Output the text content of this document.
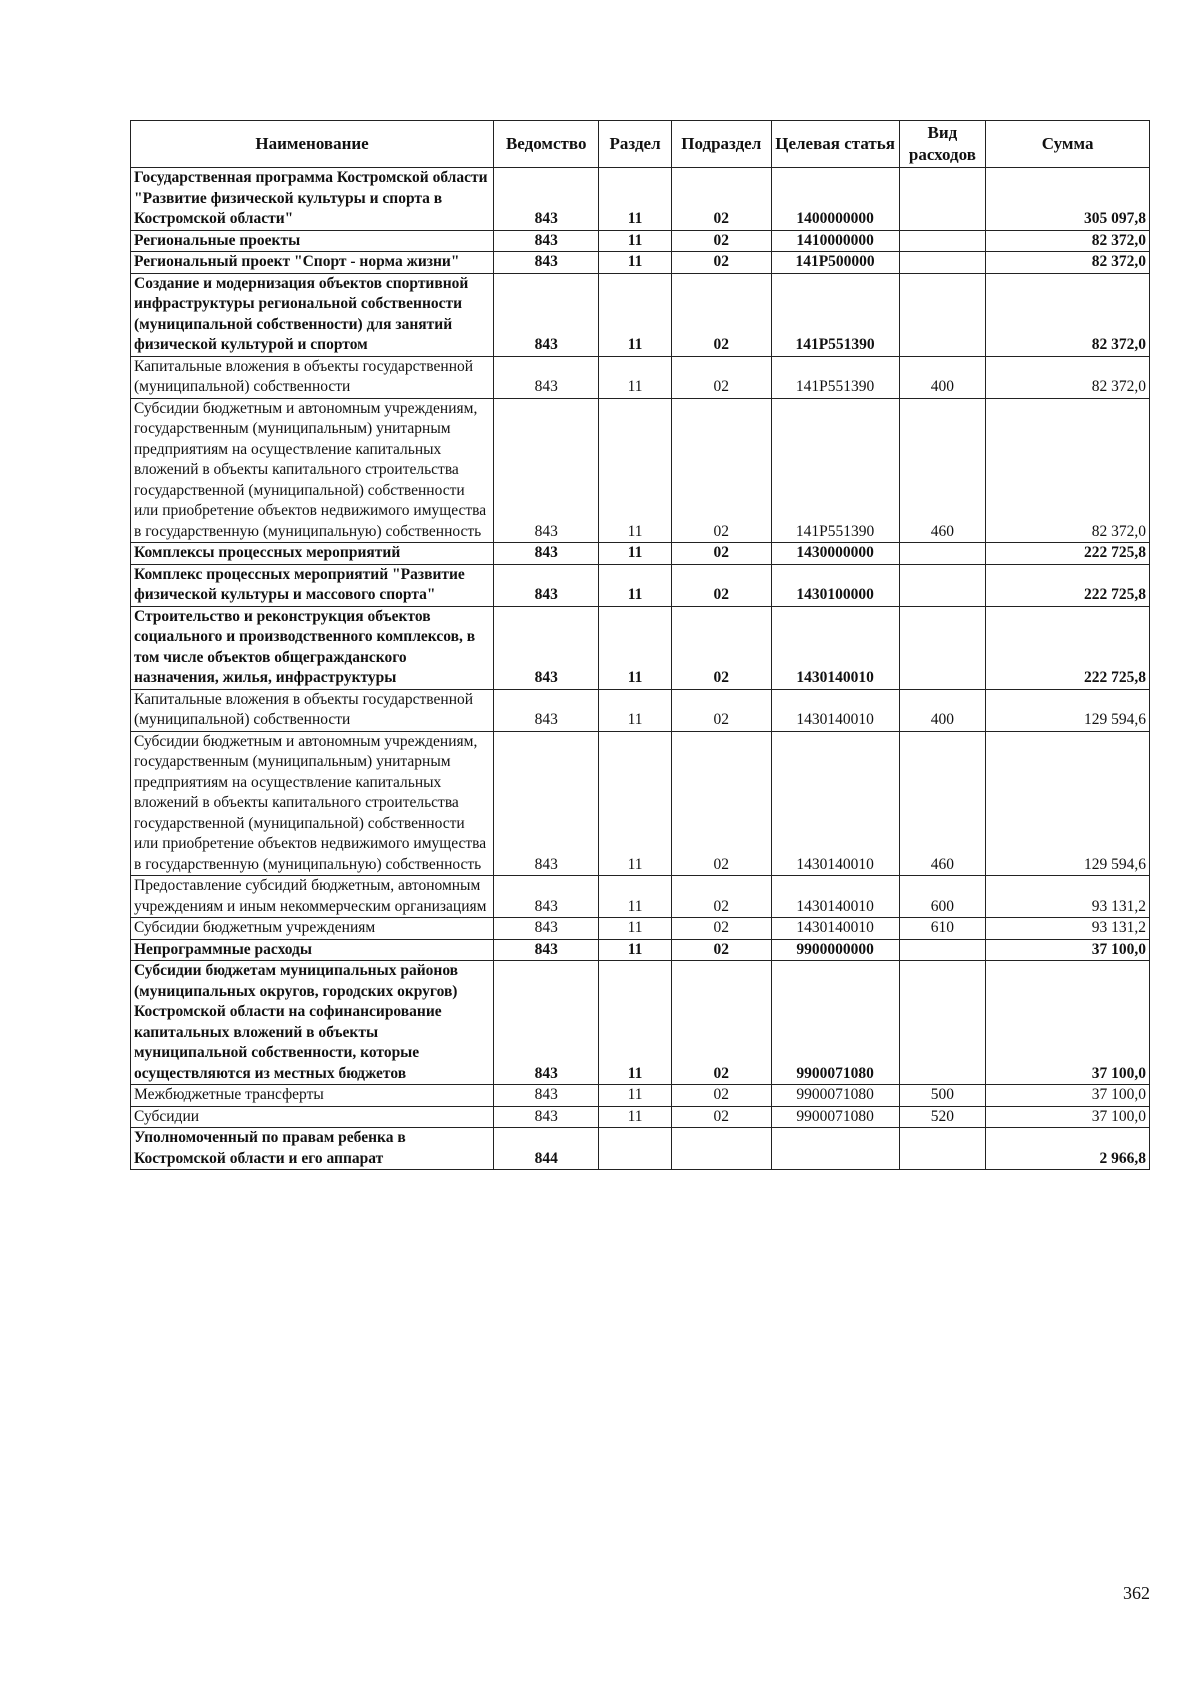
Наименование	Ведомство	Раздел	Подраздел	Целевая статья	Вид расходов	Сумма
Государственная программа Костромской области "Развитие физической культуры и спорта в Костромской области"	843	11	02	1400000000		305 097,8
Региональные проекты	843	11	02	1410000000		82 372,0
Региональный проект "Спорт - норма жизни"	843	11	02	141P500000		82 372,0
Создание и модернизация объектов спортивной инфраструктуры региональной собственности (муниципальной собственности) для занятий физической культурой и спортом	843	11	02	141P551390		82 372,0
Капитальные вложения в объекты государственной (муниципальной) собственности	843	11	02	141P551390	400	82 372,0
Субсидии бюджетным и автономным учреждениям, государственным (муниципальным) унитарным предприятиям на осуществление капитальных вложений в объекты капитального строительства государственной (муниципальной) собственности или приобретение объектов недвижимого имущества в государственную (муниципальную) собственность	843	11	02	141P551390	460	82 372,0
Комплексы процессных мероприятий	843	11	02	1430000000		222 725,8
Комплекс процессных мероприятий "Развитие физической культуры и массового спорта"	843	11	02	1430100000		222 725,8
Строительство и реконструкция объектов социального и производственного комплексов, в том числе объектов общегражданского назначения, жилья, инфраструктуры	843	11	02	1430140010		222 725,8
Капитальные вложения в объекты государственной (муниципальной) собственности	843	11	02	1430140010	400	129 594,6
Субсидии бюджетным и автономным учреждениям, государственным (муниципальным) унитарным предприятиям на осуществление капитальных вложений в объекты капитального строительства государственной (муниципальной) собственности или приобретение объектов недвижимого имущества в государственную (муниципальную) собственность	843	11	02	1430140010	460	129 594,6
Предоставление субсидий бюджетным, автономным учреждениям и иным некоммерческим организациям	843	11	02	1430140010	600	93 131,2
Субсидии бюджетным учреждениям	843	11	02	1430140010	610	93 131,2
Непрограммные расходы	843	11	02	9900000000		37 100,0
Субсидии бюджетам муниципальных районов (муниципальных округов, городских округов) Костромской области на софинансирование капитальных вложений в объекты муниципальной собственности, которые осуществляются из местных бюджетов	843	11	02	9900071080		37 100,0
Межбюджетные трансферты	843	11	02	9900071080	500	37 100,0
Субсидии	843	11	02	9900071080	520	37 100,0
Уполномоченный по правам ребенка в Костромской области и его аппарат	844					2 966,8
362
